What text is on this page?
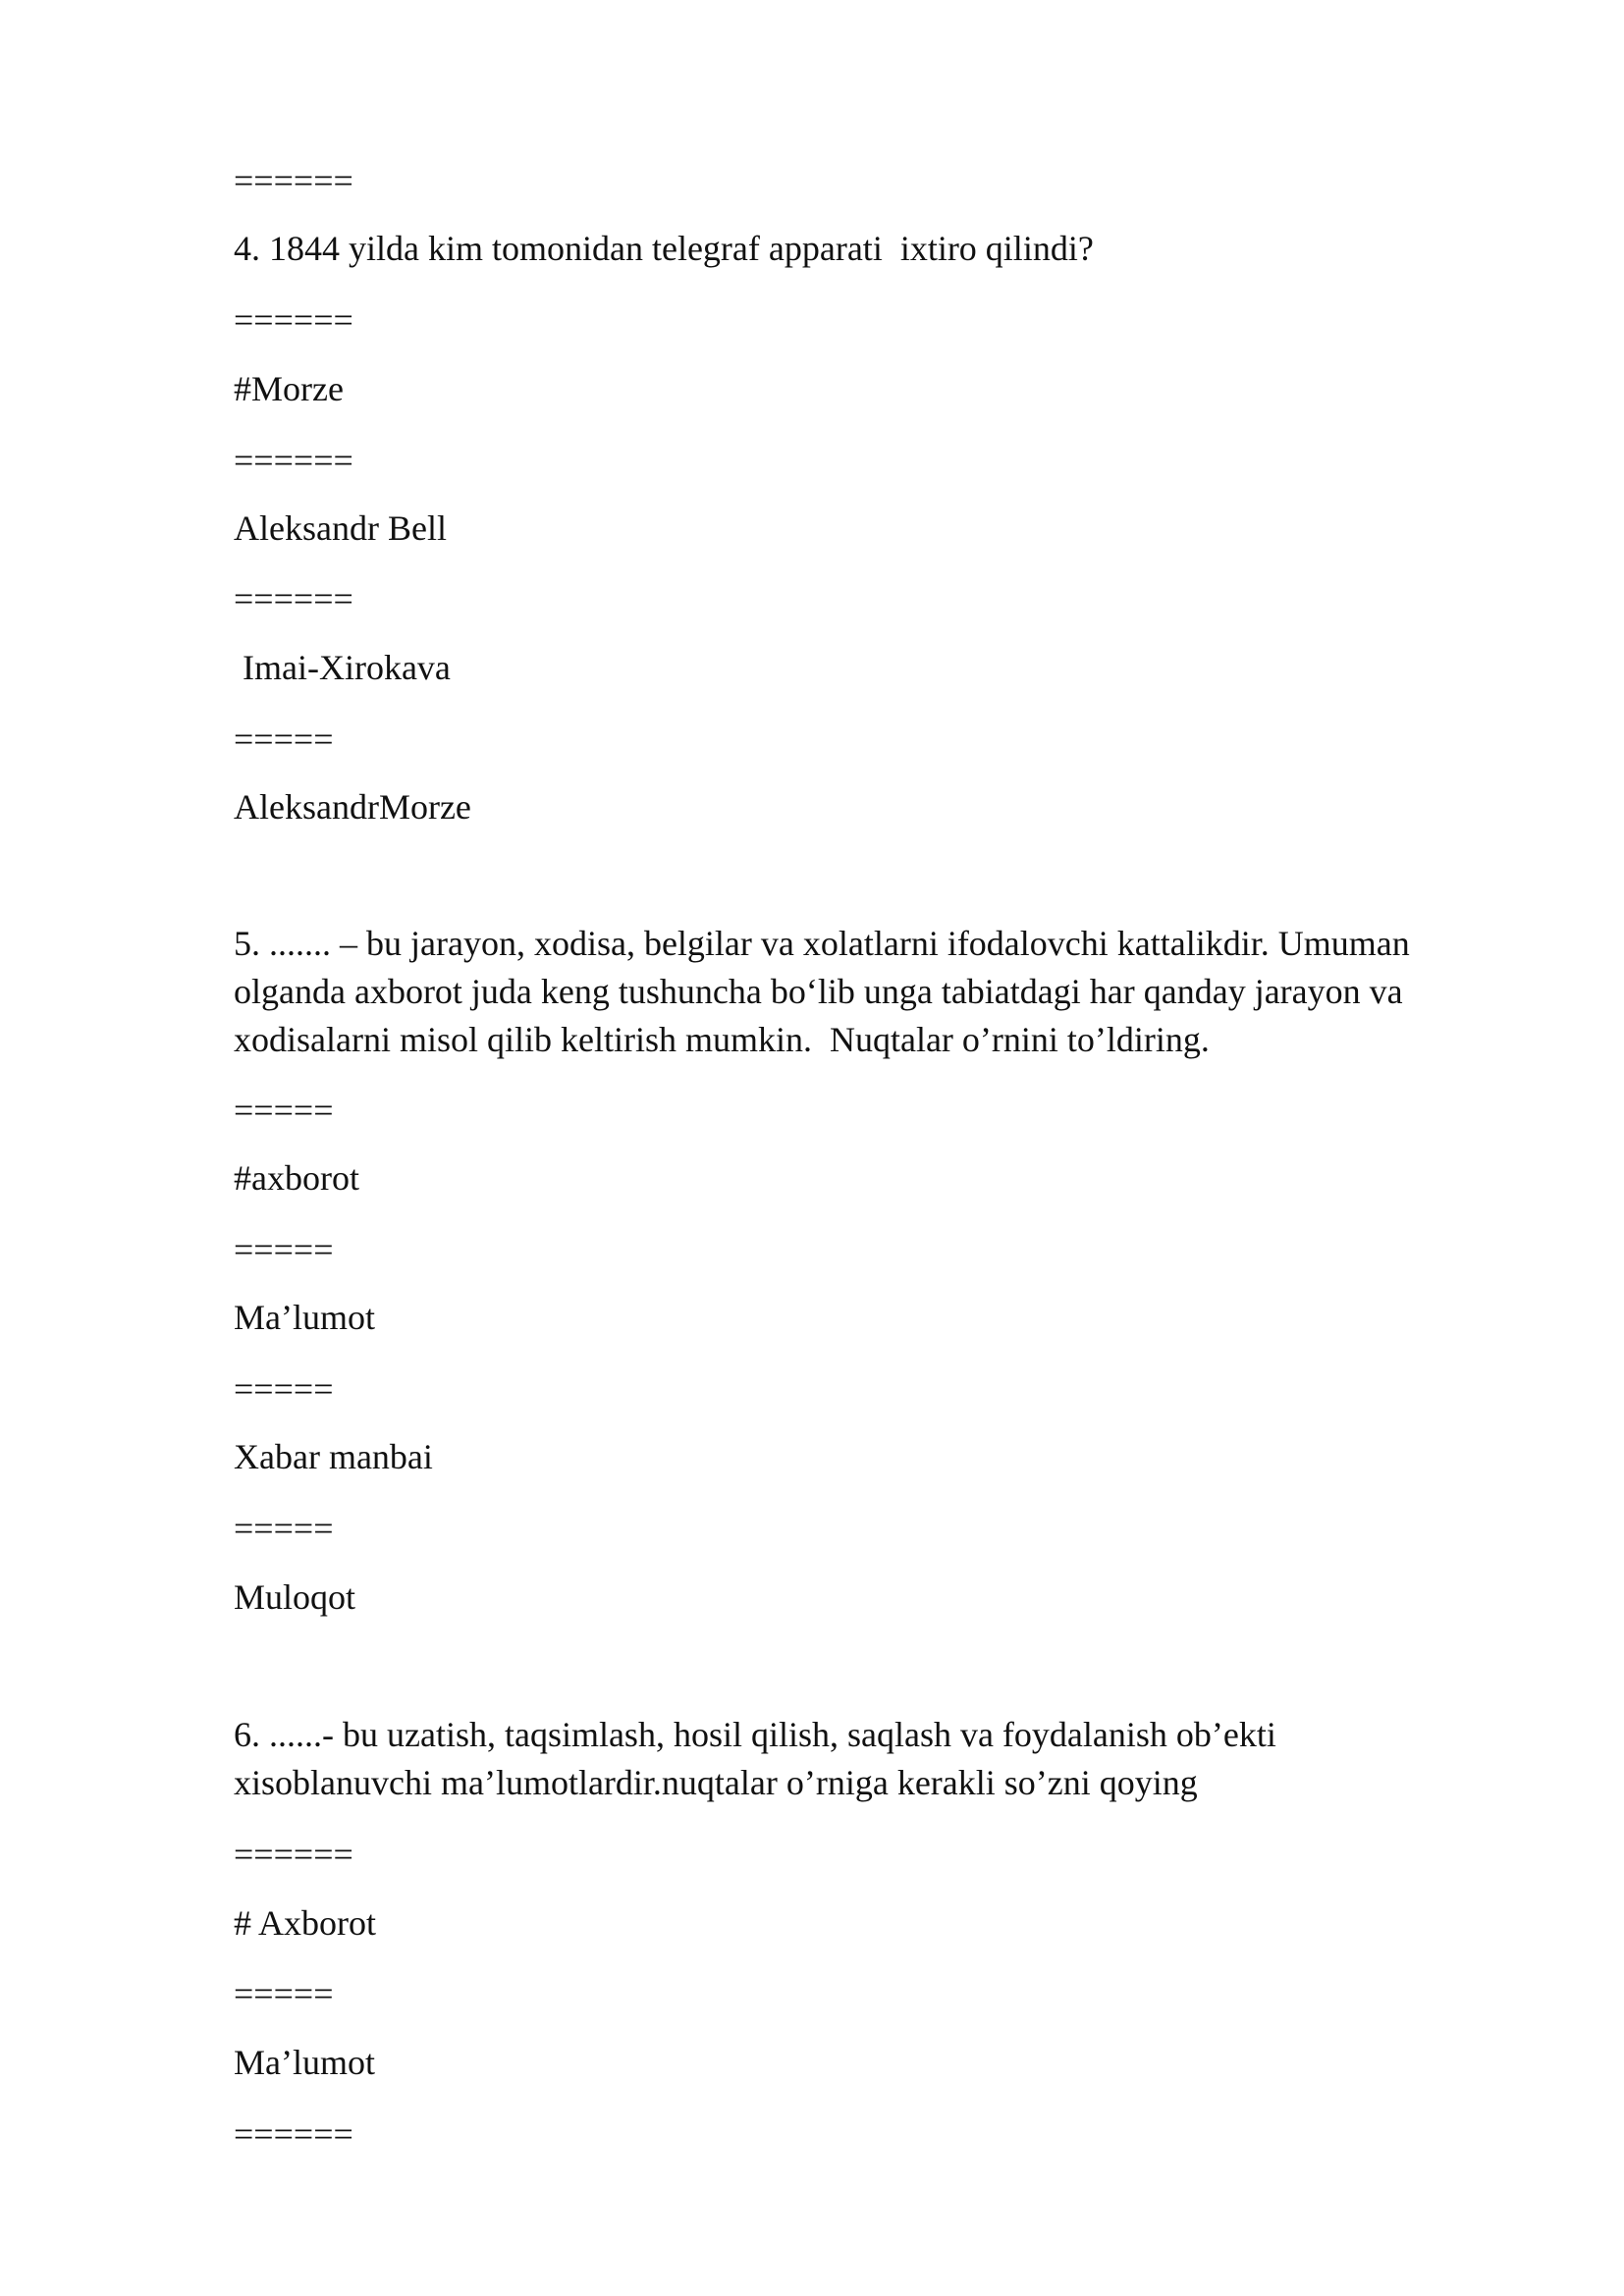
======

4. 1844 yilda kim tomonidan telegraf apparati  ixtiro qilindi?

======

#Morze

======

Aleksandr Bell

======

Imai-Xirokava

=====

AleksandrMorze

5. ....... – bu jarayon, xodisa, belgilar va xolatlarni ifodalovchi kattalikdir. Umuman
olganda axborot juda keng tushuncha bo‘lib unga tabiatdagi har qanday jarayon va
xodisalarni misol qilib keltirish mumkin.  Nuqtalar o’rnini to’ldiring.

=====

#axborot

=====

Ma’lumot

=====

Xabar manbai

=====

Muloqot

6. ......- bu uzatish, taqsimlash, hosil qilish, saqlash va foydalanish ob’ekti
xisoblanuvchi ma’lumotlardir.nuqtalar o’rniga kerakli so’zni qoying

======

# Axborot

=====

Ma’lumot

======
